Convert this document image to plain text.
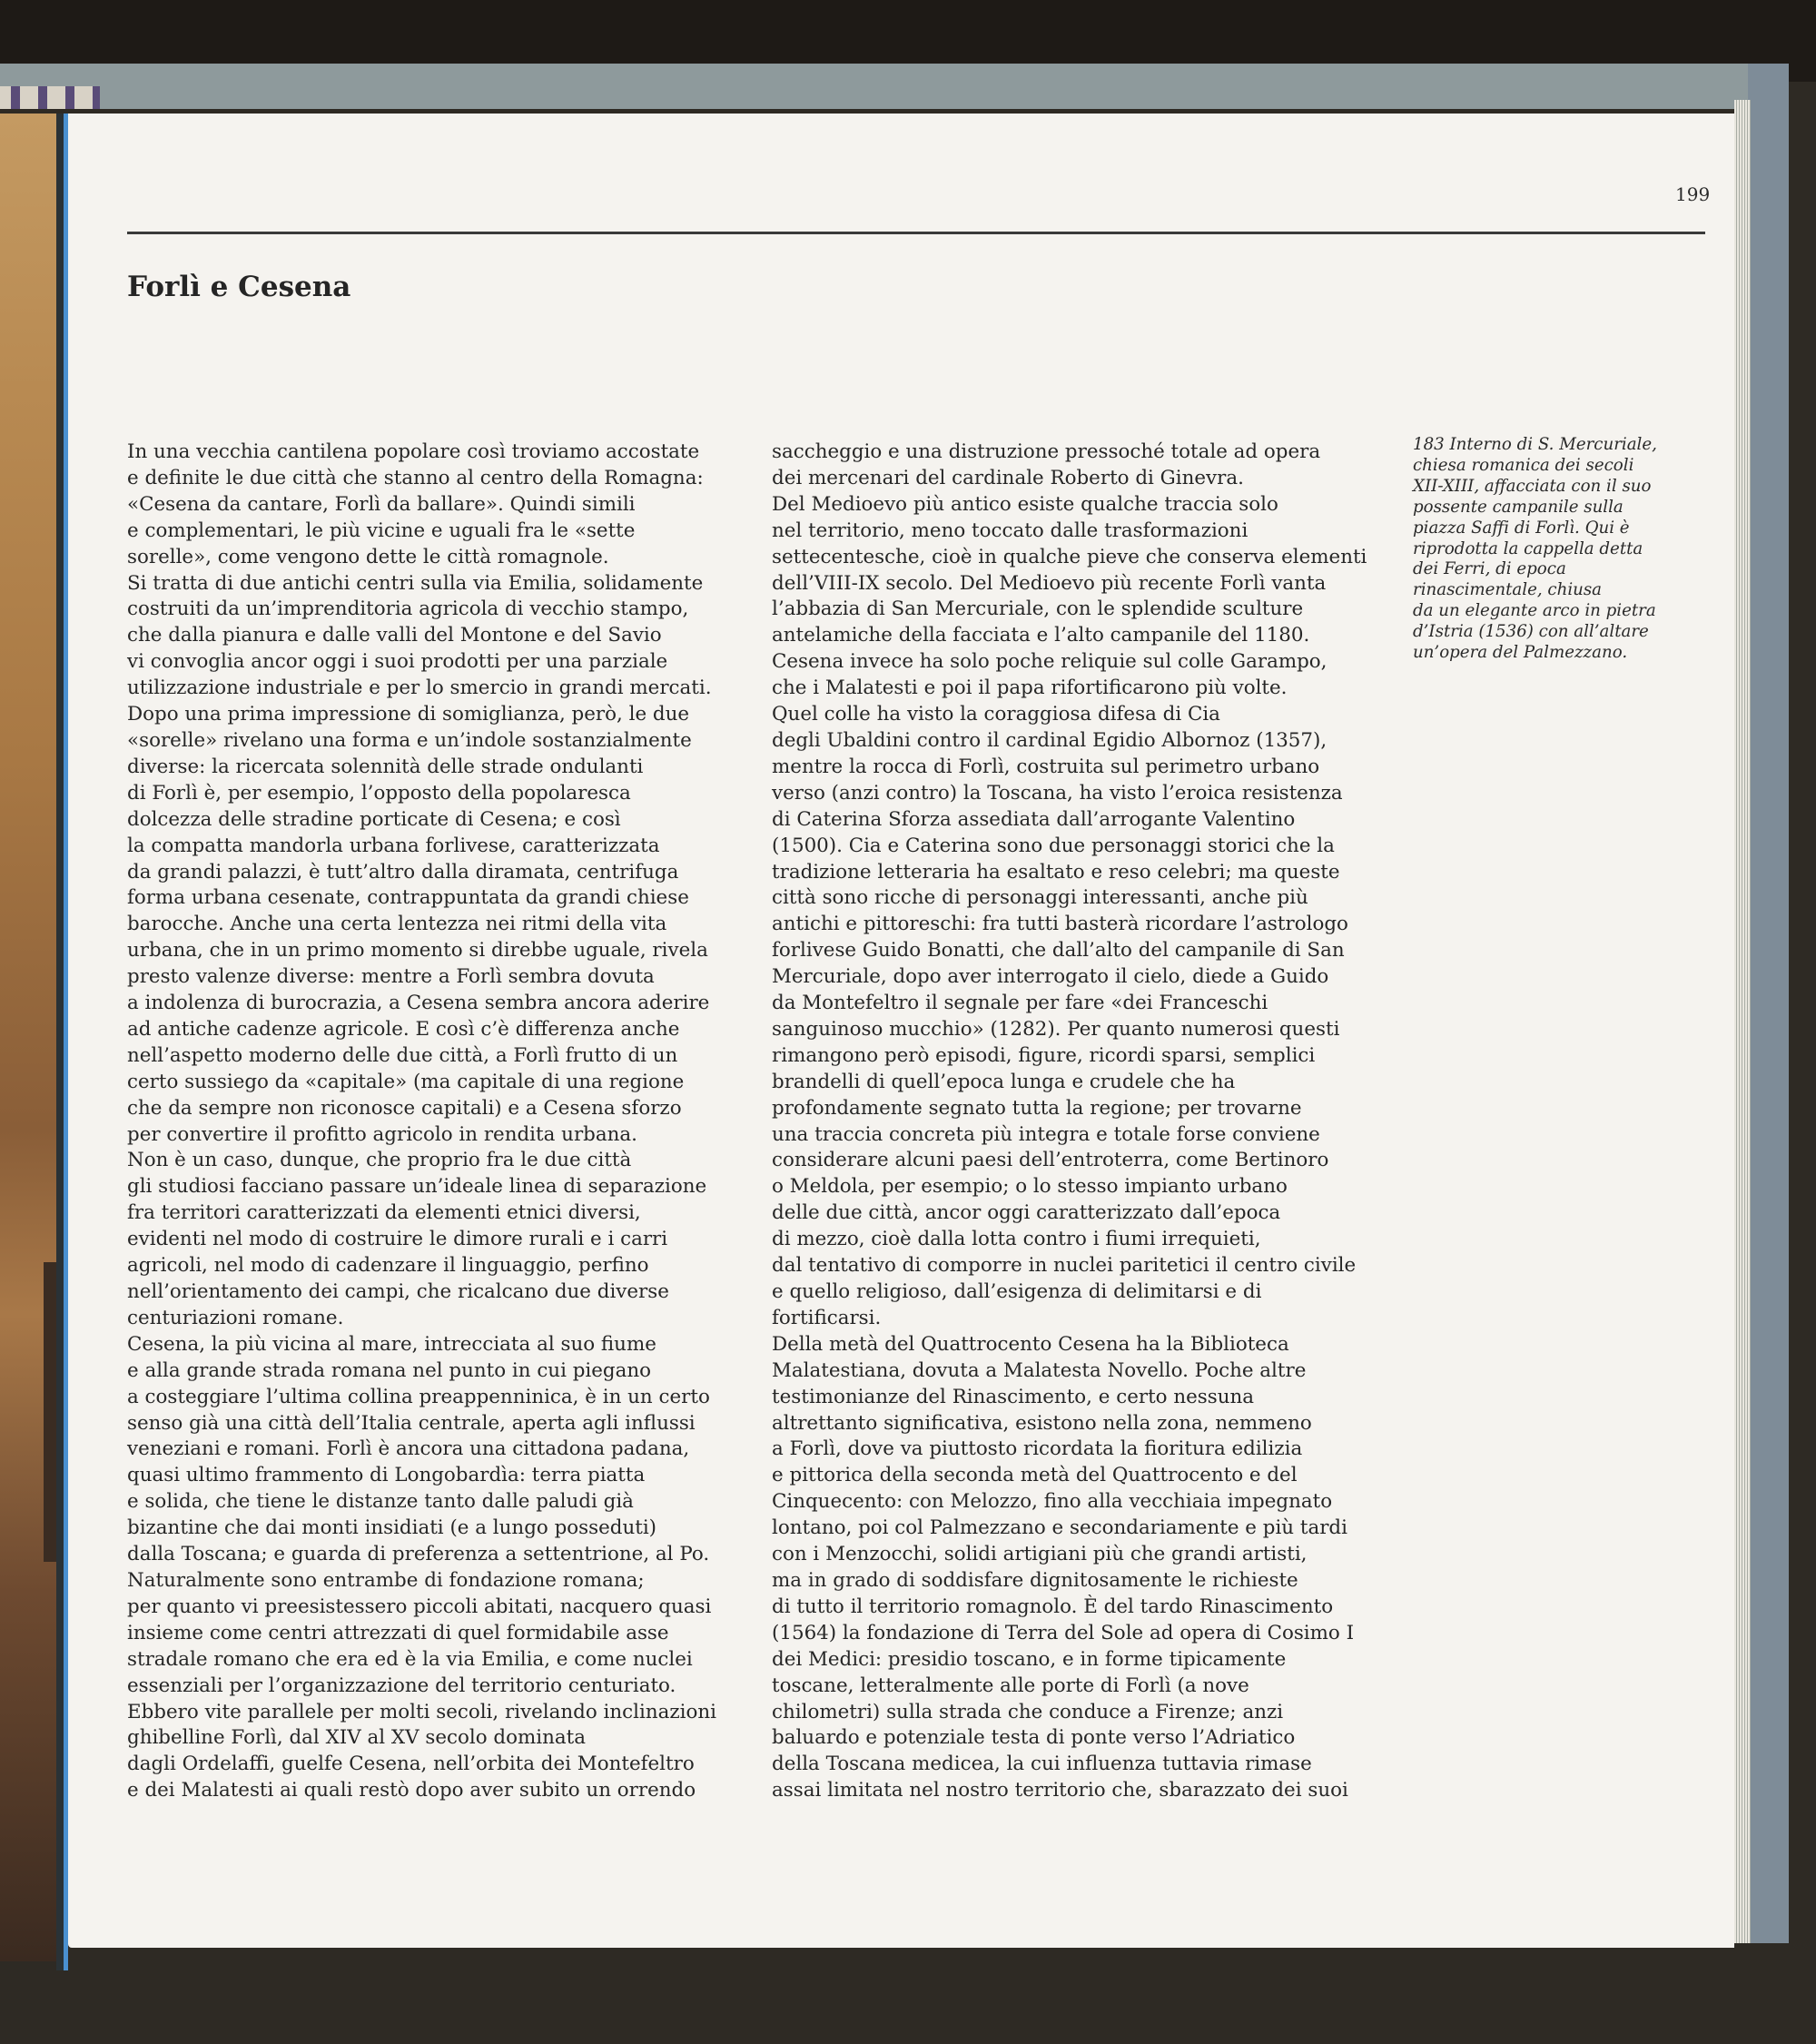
199
Forlì e Cesena
In una vecchia cantilena popolare così troviamo accostate
e definite le due città che stanno al centro della Romagna:
«Cesena da cantare, Forlì da ballare». Quindi simili
e complementari, le più vicine e uguali fra le «sette
sorelle», come vengono dette le città romagnole.
Si tratta di due antichi centri sulla via Emilia, solidamente
costruiti da un’imprenditoria agricola di vecchio stampo,
che dalla pianura e dalle valli del Montone e del Savio
vi convoglia ancor oggi i suoi prodotti per una parziale
utilizzazione industriale e per lo smercio in grandi mercati.
Dopo una prima impressione di somiglianza, però, le due
«sorelle» rivelano una forma e un’indole sostanzialmente
diverse: la ricercata solennità delle strade ondulanti
di Forlì è, per esempio, l’opposto della popolaresca
dolcezza delle stradine porticate di Cesena; e così
la compatta mandorla urbana forlivese, caratterizzata
da grandi palazzi, è tutt’altro dalla diramata, centrifuga
forma urbana cesenate, contrappuntata da grandi chiese
barocche. Anche una certa lentezza nei ritmi della vita
urbana, che in un primo momento si direbbe uguale, rivela
presto valenze diverse: mentre a Forlì sembra dovuta
a indolenza di burocrazia, a Cesena sembra ancora aderire
ad antiche cadenze agricole. E così c’è differenza anche
nell’aspetto moderno delle due città, a Forlì frutto di un
certo sussiego da «capitale» (ma capitale di una regione
che da sempre non riconosce capitali) e a Cesena sforzo
per convertire il profitto agricolo in rendita urbana.
Non è un caso, dunque, che proprio fra le due città
gli studiosi facciano passare un’ideale linea di separazione
fra territori caratterizzati da elementi etnici diversi,
evidenti nel modo di costruire le dimore rurali e i carri
agricoli, nel modo di cadenzare il linguaggio, perfino
nell’orientamento dei campi, che ricalcano due diverse
centuriazioni romane.
Cesena, la più vicina al mare, intrecciata al suo fiume
e alla grande strada romana nel punto in cui piegano
a costeggiare l’ultima collina preappenninica, è in un certo
senso già una città dell’Italia centrale, aperta agli influssi
veneziani e romani. Forlì è ancora una cittadona padana,
quasi ultimo frammento di Longobardìa: terra piatta
e solida, che tiene le distanze tanto dalle paludi già
bizantine che dai monti insidiati (e a lungo posseduti)
dalla Toscana; e guarda di preferenza a settentrione, al Po.
Naturalmente sono entrambe di fondazione romana;
per quanto vi preesistessero piccoli abitati, nacquero quasi
insieme come centri attrezzati di quel formidabile asse
stradale romano che era ed è la via Emilia, e come nuclei
essenziali per l’organizzazione del territorio centuriato.
Ebbero vite parallele per molti secoli, rivelando inclinazioni
ghibelline Forlì, dal XIV al XV secolo dominata
dagli Ordelaffi, guelfe Cesena, nell’orbita dei Montefeltro
e dei Malatesti ai quali restò dopo aver subito un orrendo
saccheggio e una distruzione pressoché totale ad opera
dei mercenari del cardinale Roberto di Ginevra.
Del Medioevo più antico esiste qualche traccia solo
nel territorio, meno toccato dalle trasformazioni
settecentesche, cioè in qualche pieve che conserva elementi
dell’VIII-IX secolo. Del Medioevo più recente Forlì vanta
l’abbazia di San Mercuriale, con le splendide sculture
antelamiche della facciata e l’alto campanile del 1180.
Cesena invece ha solo poche reliquie sul colle Garampo,
che i Malatesti e poi il papa rifortificarono più volte.
Quel colle ha visto la coraggiosa difesa di Cia
degli Ubaldini contro il cardinal Egidio Albornoz (1357),
mentre la rocca di Forlì, costruita sul perimetro urbano
verso (anzi contro) la Toscana, ha visto l’eroica resistenza
di Caterina Sforza assediata dall’arrogante Valentino
(1500). Cia e Caterina sono due personaggi storici che la
tradizione letteraria ha esaltato e reso celebri; ma queste
città sono ricche di personaggi interessanti, anche più
antichi e pittoreschi: fra tutti basterà ricordare l’astrologo
forlivese Guido Bonatti, che dall’alto del campanile di San
Mercuriale, dopo aver interrogato il cielo, diede a Guido
da Montefeltro il segnale per fare «dei Franceschi
sanguinoso mucchio» (1282). Per quanto numerosi questi
rimangono però episodi, figure, ricordi sparsi, semplici
brandelli di quell’epoca lunga e crudele che ha
profondamente segnato tutta la regione; per trovarne
una traccia concreta più integra e totale forse conviene
considerare alcuni paesi dell’entroterra, come Bertinoro
o Meldola, per esempio; o lo stesso impianto urbano
delle due città, ancor oggi caratterizzato dall’epoca
di mezzo, cioè dalla lotta contro i fiumi irrequieti,
dal tentativo di comporre in nuclei paritetici il centro civile
e quello religioso, dall’esigenza di delimitarsi e di
fortificarsi.
Della metà del Quattrocento Cesena ha la Biblioteca
Malatestiana, dovuta a Malatesta Novello. Poche altre
testimonianze del Rinascimento, e certo nessuna
altrettanto significativa, esistono nella zona, nemmeno
a Forlì, dove va piuttosto ricordata la fioritura edilizia
e pittorica della seconda metà del Quattrocento e del
Cinquecento: con Melozzo, fino alla vecchiaia impegnato
lontano, poi col Palmezzano e secondariamente e più tardi
con i Menzocchi, solidi artigiani più che grandi artisti,
ma in grado di soddisfare dignitosamente le richieste
di tutto il territorio romagnolo. È del tardo Rinascimento
(1564) la fondazione di Terra del Sole ad opera di Cosimo I
dei Medici: presidio toscano, e in forme tipicamente
toscane, letteralmente alle porte di Forlì (a nove
chilometri) sulla strada che conduce a Firenze; anzi
baluardo e potenziale testa di ponte verso l’Adriatico
della Toscana medicea, la cui influenza tuttavia rimase
assai limitata nel nostro territorio che, sbarazzato dei suoi
183 Interno di S. Mercuriale,
chiesa romanica dei secoli
XII-XIII, affacciata con il suo
possente campanile sulla
piazza Saffi di Forlì. Qui è
riprodotta la cappella detta
dei Ferri, di epoca
rinascimentale, chiusa
da un elegante arco in pietra
d’Istria (1536) con all’altare
un’opera del Palmezzano.
